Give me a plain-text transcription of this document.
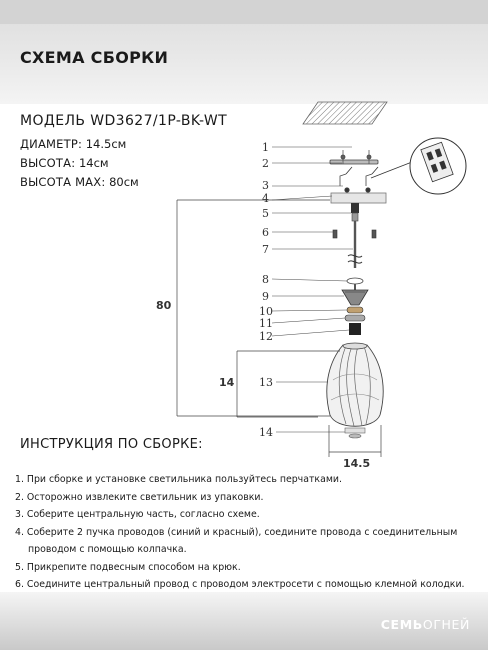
СХЕМА СБОРКИ
МОДЕЛЬ WD3627/1P-BK-WT
ДИАМЕТР: 14.5см
ВЫСОТА: 14см
ВЫСОТА MAX: 80см
1
2
3
4
5
6
7
8
9
10
11
12
13
14
80
14
14.5
ИНСТРУКЦИЯ ПО СБОРКЕ:
1. При сборке и установке светильника пользуйтесь перчатками.
2. Осторожно извлеките светильник из упаковки.
3. Соберите центральную часть, согласно схеме.
4. Соберите 2 пучка проводов (синий и красный), соедините провода с соединительным
проводом с помощью колпачка.
5. Прикрепите подвесным способом на крюк.
6. Соедините центральный провод с проводом электросети с помощью клемной колодки.
СЕМЬОГНЕЙ
